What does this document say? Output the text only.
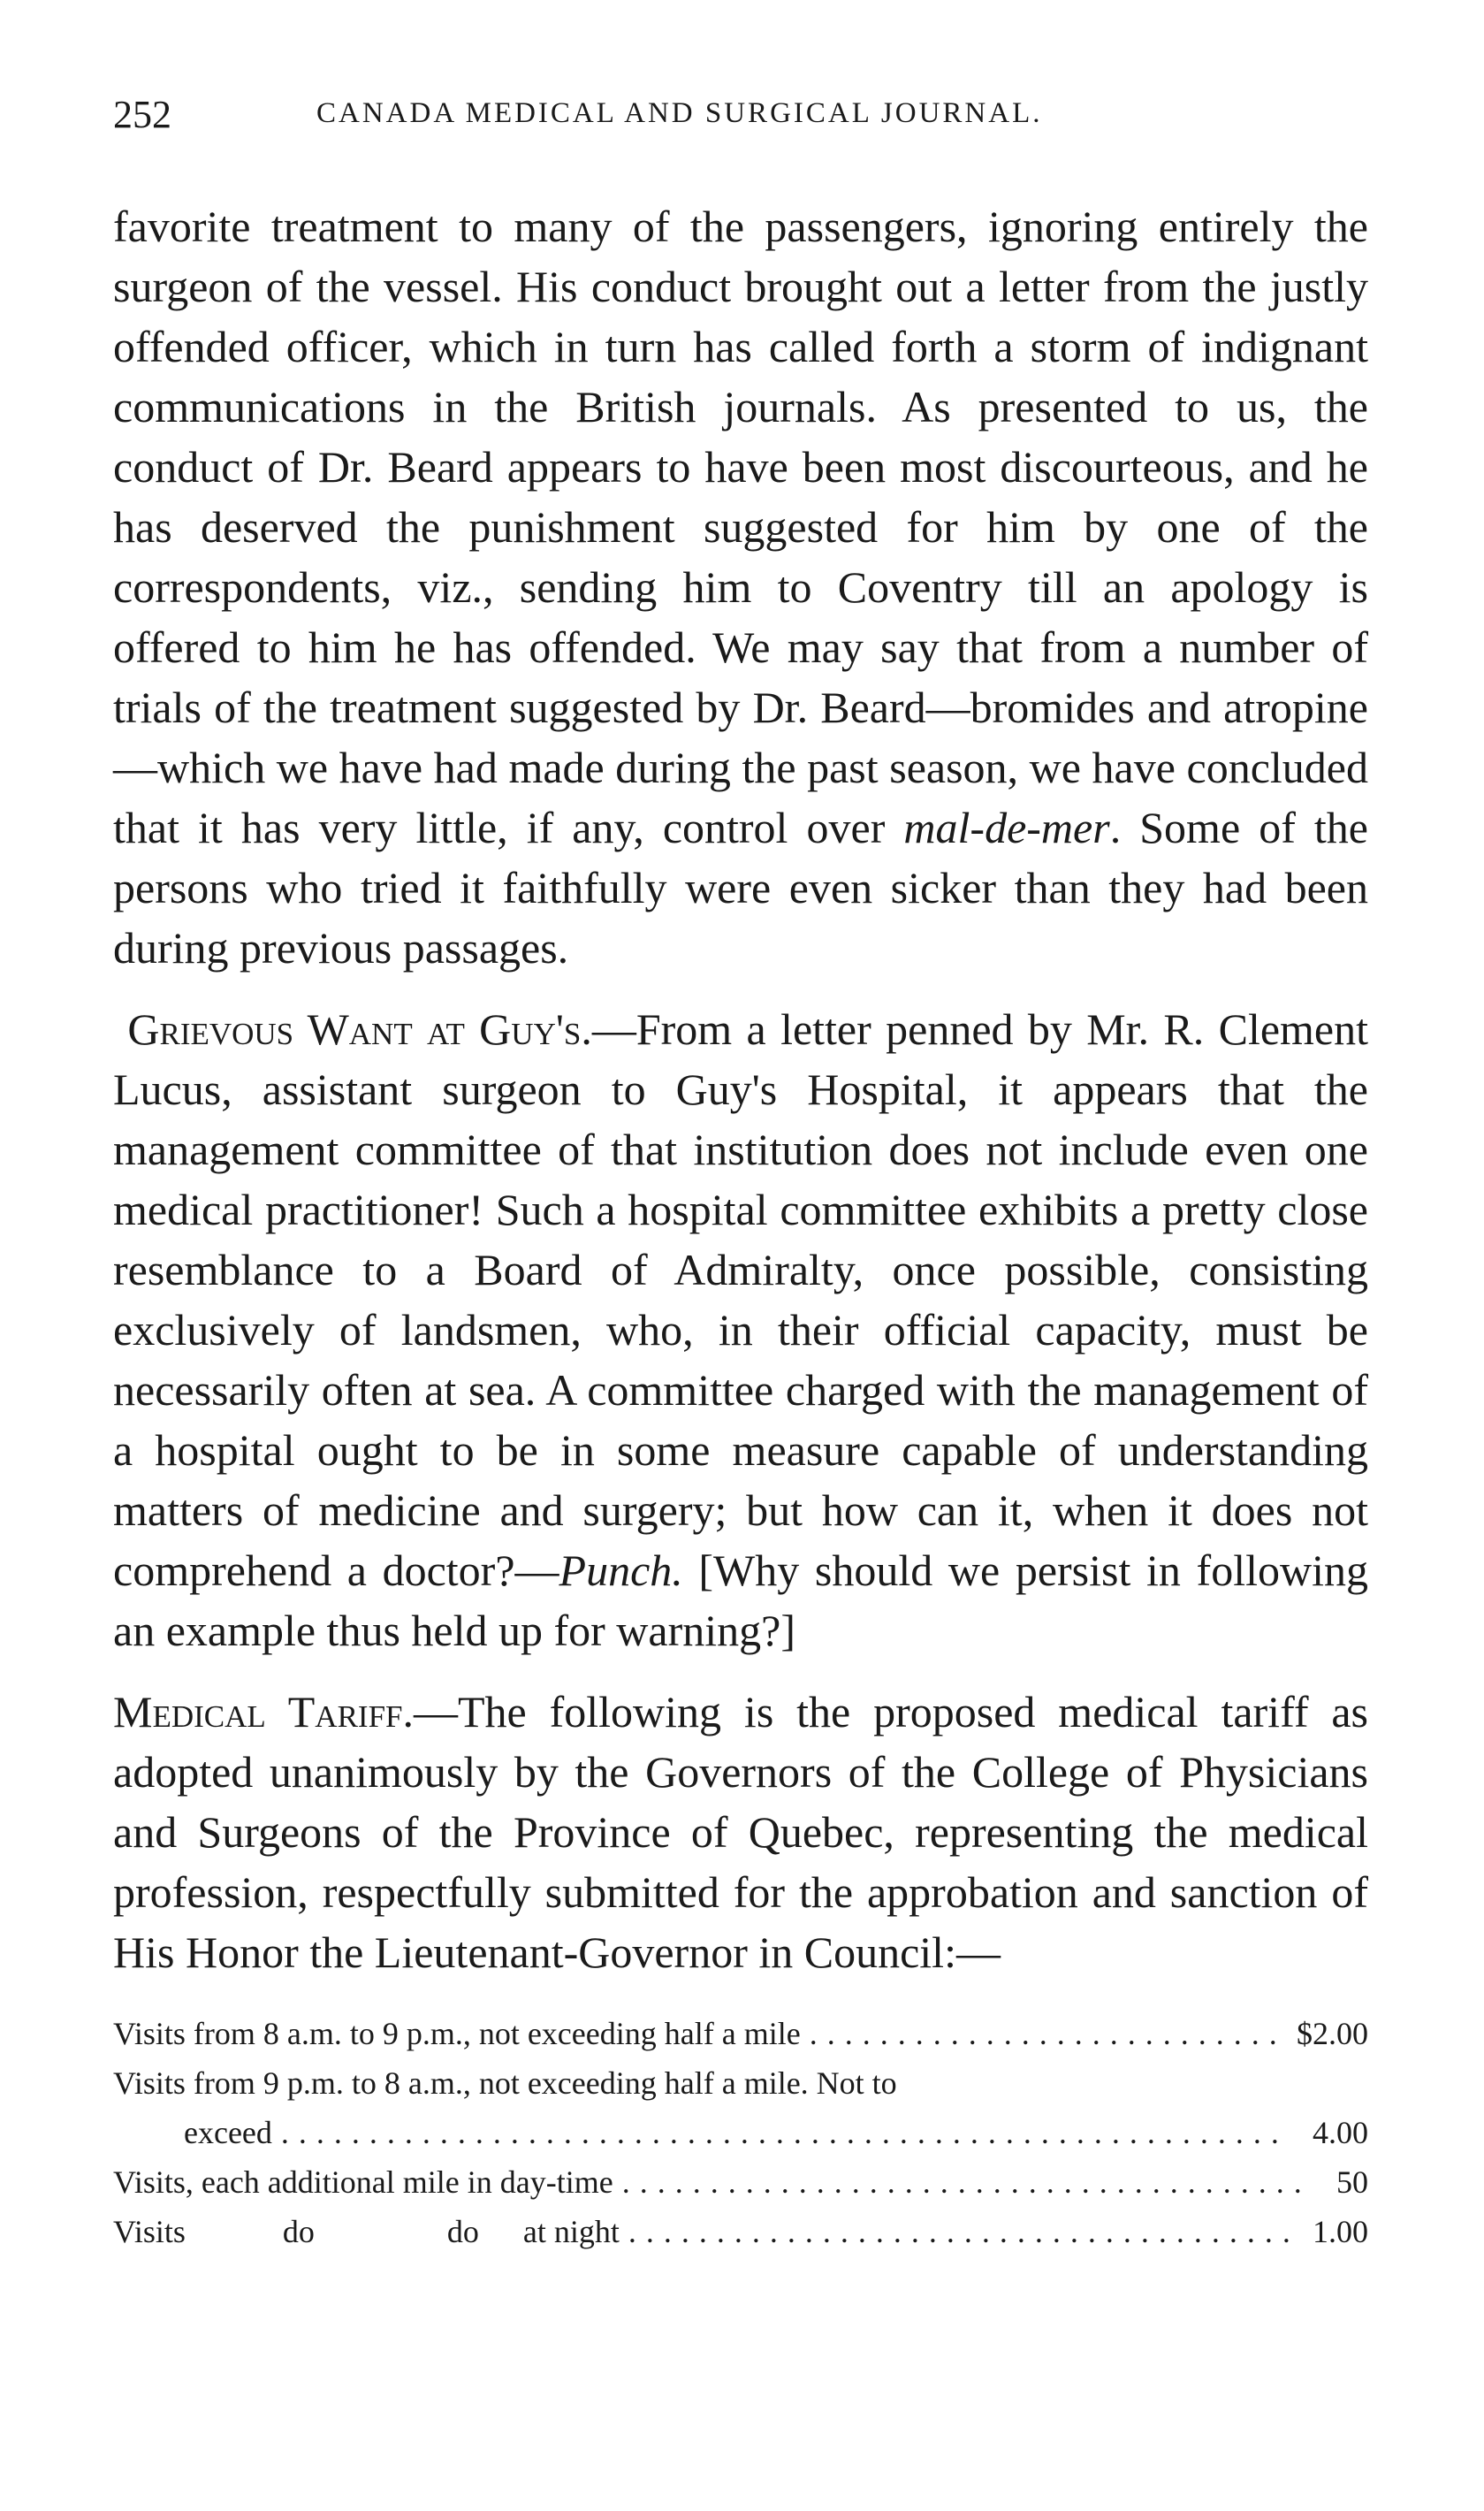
252	CANADA MEDICAL AND SURGICAL JOURNAL.

favorite treatment to many of the passengers, ignoring entirely the surgeon of the vessel. His conduct brought out a letter from the justly offended officer, which in turn has called forth a storm of indignant communications in the British journals. As presented to us, the conduct of Dr. Beard appears to have been most discourteous, and he has deserved the punishment suggested for him by one of the correspondents, viz., sending him to Coventry till an apology is offered to him he has offended. We may say that from a number of trials of the treatment suggested by Dr. Beard—bromides and atropine—which we have had made during the past season, we have concluded that it has very little, if any, control over mal-de-mer. Some of the persons who tried it faithfully were even sicker than they had been during previous passages.

Grievous Want at Guy's.—From a letter penned by Mr. R. Clement Lucus, assistant surgeon to Guy's Hospital, it appears that the management committee of that institution does not include even one medical practitioner! Such a hospital committee exhibits a pretty close resemblance to a Board of Admiralty, once possible, consisting exclusively of landsmen, who, in their official capacity, must be necessarily often at sea. A committee charged with the management of a hospital ought to be in some measure capable of understanding matters of medicine and surgery; but how can it, when it does not comprehend a doctor?—Punch. [Why should we persist in following an example thus held up for warning?]

Medical Tariff.—The following is the proposed medical tariff as adopted unanimously by the Governors of the College of Physicians and Surgeons of the Province of Quebec, representing the medical profession, respectfully submitted for the approbation and sanction of His Honor the Lieutenant-Governor in Council:—

Visits from 8 a.m. to 9 p.m., not exceeding half a mile . . .	$ 2.00
Visits from 9 p.m. to 8 a.m., not exceeding half a mile. Not to
exceed . . .	4.00
Visits, each additional mile in day-time . . .	50
Visits	do	do at night . . .	1.00
